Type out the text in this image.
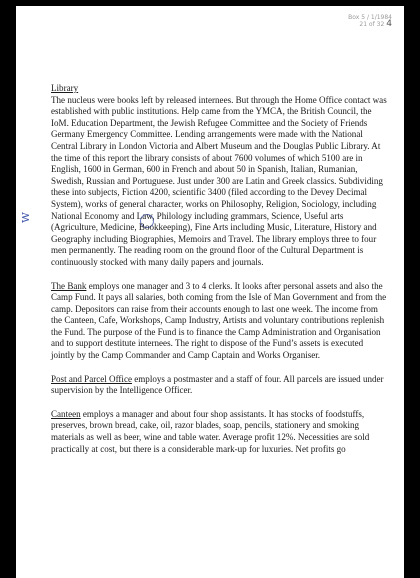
Box 5 / 1/1984
21 of 32 4
w

Library

The nucleus were books left by released internees. But through the Home Office contact was established with public institutions. Help came from the YMCA, the British Council, the IoM. Education Department, the Jewish Refugee Committee and the Society of Friends Germany Emergency Committee. Lending arrangements were made with the National Central Library in London Victoria and Albert Museum and the Douglas Public Library. At the time of this report the library consists of about 7600 volumes of which 5100 are in English, 1600 in German, 600 in French and about 50 in Spanish, Italian, Rumanian, Swedish, Russian and Portuguese. Just under 300 are Latin and Greek classics. Subdividing these into subjects, Fiction 4200, scientific 3400 (filed according to the Devey Decimal System), works of general character, works on Philosophy, Religion, Sociology, including National Economy and Law, Philology including grammars, Science, Useful arts (Agriculture, Medicine, Bookkeeping), Fine Arts including Music, Literature, History and Geography including Biographies, Memoirs and Travel. The library employs three to four men permanently. The reading room on the ground floor of the Cultural Department is continuously stocked with many daily papers and journals.

The Bank employs one manager and 3 to 4 clerks. It looks after personal assets and also the Camp Fund. It pays all salaries, both coming from the Isle of Man Government and from the camp. Depositors can raise from their accounts enough to last one week. The income from the Canteen, Cafe, Workshops, Camp Industry, Artists and voluntary contributions replenish the Fund. The purpose of the Fund is to finance the Camp Administration and Organisation and to support destitute internees. The right to dispose of the Fund’s assets is executed jointly by the Camp Commander and Camp Captain and Works Organiser.

Post and Parcel Office employs a postmaster and a staff of four. All parcels are issued under supervision by the Intelligence Officer.

Canteen employs a manager and about four shop assistants. It has stocks of foodstuffs, preserves, brown bread, cake, oil, razor blades, soap, pencils, stationery and smoking materials as well as beer, wine and table water. Average profit 12%. Necessities are sold practically at cost, but there is a considerable mark-up for luxuries. Net profits go
